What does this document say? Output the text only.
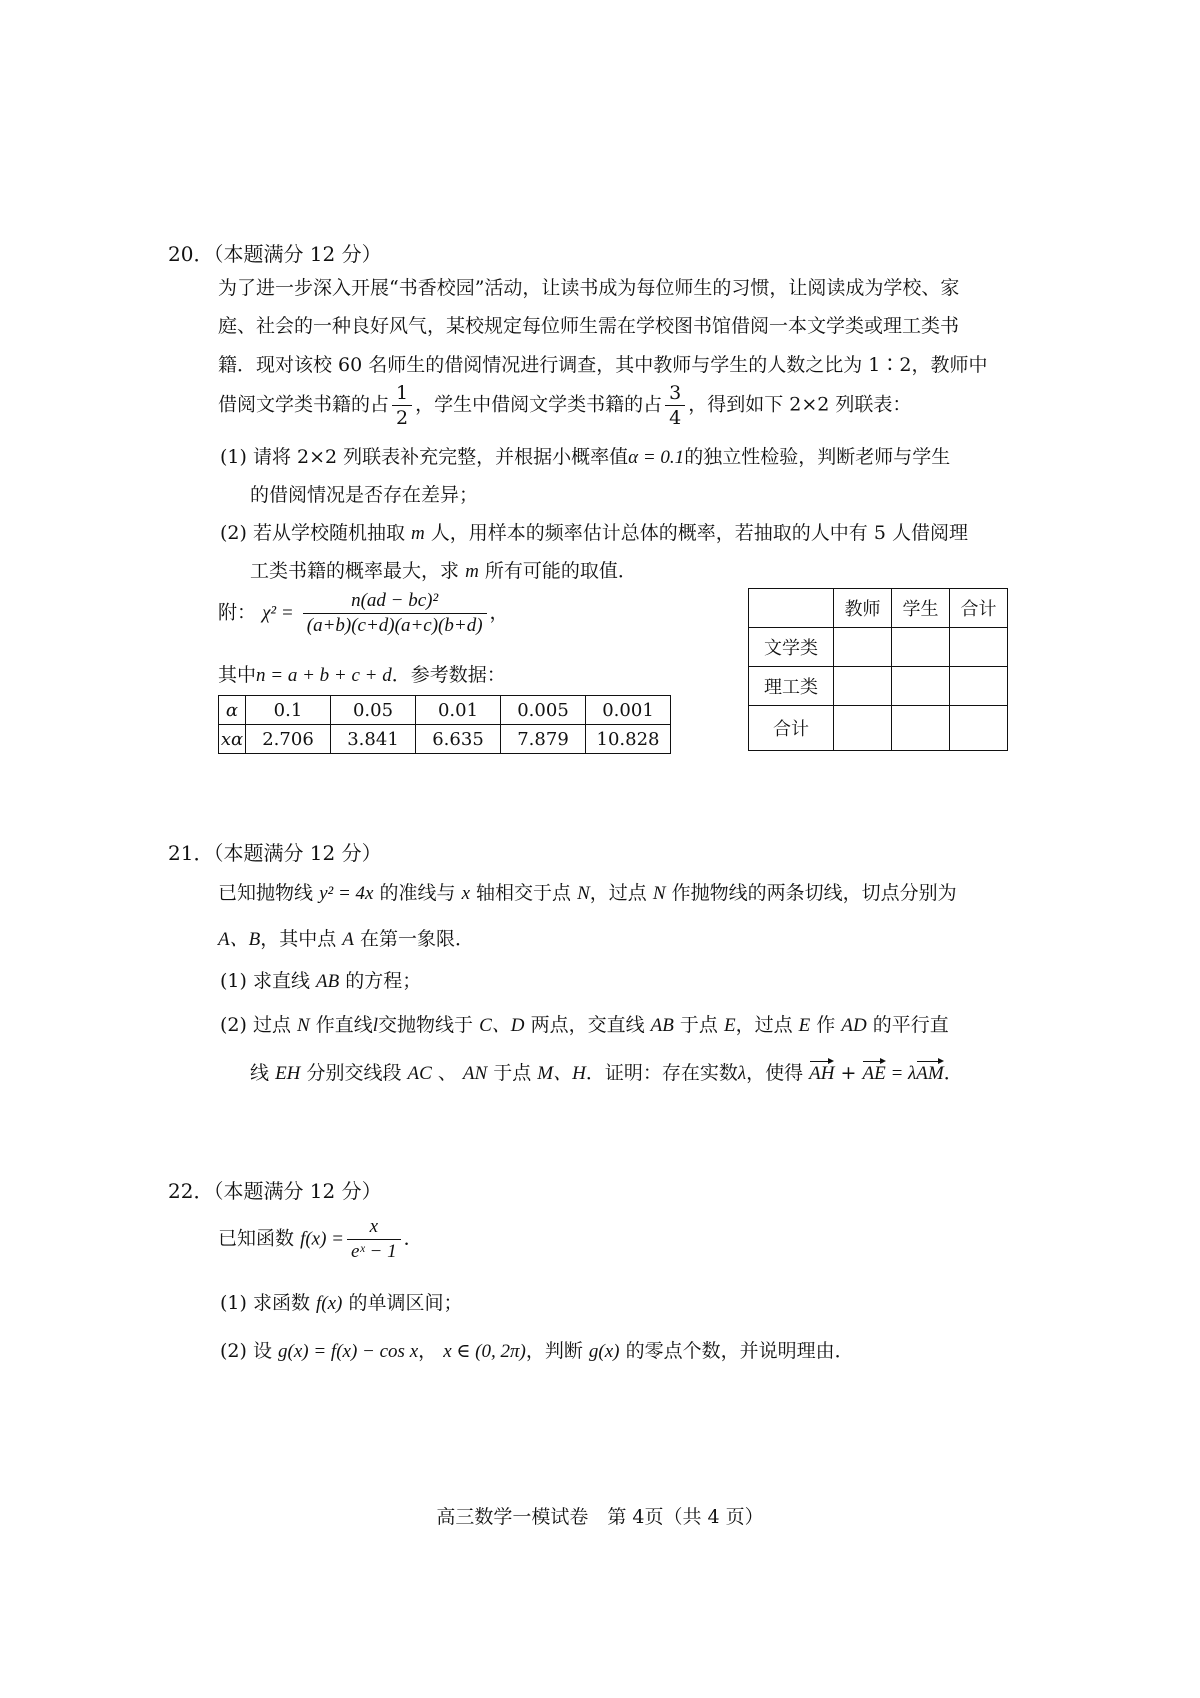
20．（本题满分 12 分）
为了进一步深入开展“书香校园”活动，让读书成为每位师生的习惯，让阅读成为学校、家
庭、社会的一种良好风气，某校规定每位师生需在学校图书馆借阅一本文学类或理工类书
籍．现对该校 60 名师生的借阅情况进行调查，其中教师与学生的人数之比为 1∶2，教师中
借阅文学类书籍的占 $\frac{1}{2}$ ，学生中借阅文学类书籍的占 $\frac{3}{4}$ ，得到如下 2×2 列联表：
(1) 请将 2×2 列联表补充完整，并根据小概率值α = 0.1的独立性检验，判断老师与学生
的借阅情况是否存在差异；
(2) 若从学校随机抽取 m 人，用样本的频率估计总体的概率，若抽取的人中有 5 人借阅理
工类书籍的概率最大，求 m 所有可能的取值．
附： $\chi^2 = \frac{\text{n(ad − bc)²}}{(a+b)(c+d)(a+c)(b+d)}$ ，
其中n = a + b + c + d．参考数据：
α	0.1	0.05	0.01	0.005	0.001
xα	2.706	3.841	6.635	7.879	10.828
	教师	学生	合计
文学类			
理工类			
合计			
21．（本题满分 12 分）
已知抛物线 y² = 4x 的准线与 x 轴相交于点 N，过点 N 作抛物线的两条切线，切点分别为
A、B，其中点 A 在第一象限．
(1) 求直线 AB 的方程；
(2) 过点 N 作直线l交抛物线于 C、D 两点，交直线 AB 于点 E，过点 E 作 AD 的平行直
线 EH 分别交线段 AC 、 AN 于点 M、H．证明：存在实数λ，使得 AH + AE = λAM．
22．（本题满分 12 分）
已知函数 $f(x) = \frac{x}{\text{eˣ − 1}}$ ．
(1) 求函数 f(x) 的单调区间；
(2) 设 g(x) = f(x) − cos x， x ∈ (0, 2π)，判断 g(x) 的零点个数，并说明理由．
高三数学一模试卷　第 4页（共 4 页）
